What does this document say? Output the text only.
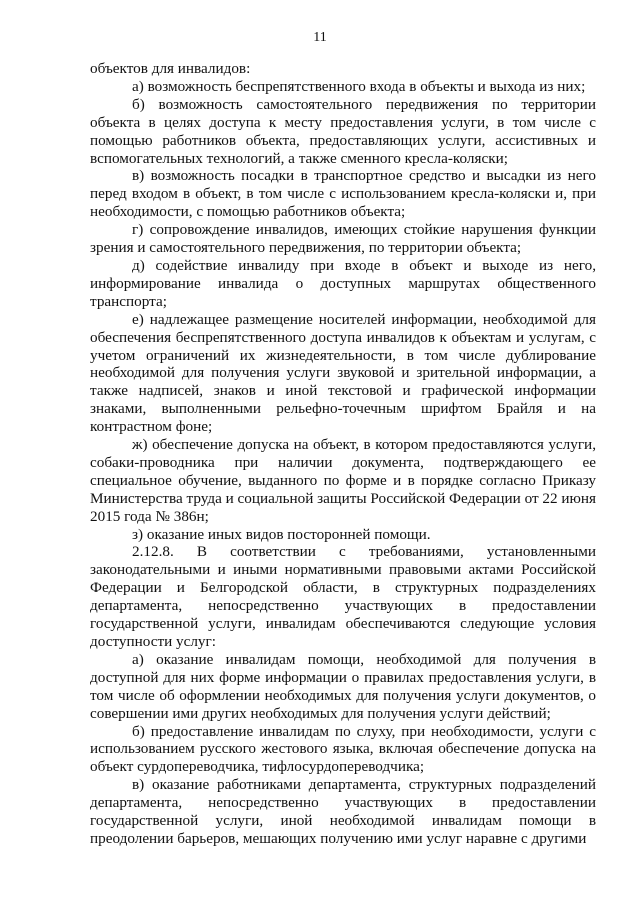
11

объектов для инвалидов:

а) возможность беспрепятственного входа в объекты и выхода из них;

б) возможность самостоятельного передвижения по территории объекта в целях доступа к месту предоставления услуги, в том числе с помощью работников объекта, предоставляющих услуги, ассистивных и вспомогательных технологий, а также сменного кресла-коляски;

в) возможность посадки в транспортное средство и высадки из него перед входом в объект, в том числе с использованием кресла-коляски и, при необходимости, с помощью работников объекта;

г) сопровождение инвалидов, имеющих стойкие нарушения функции зрения и самостоятельного передвижения, по территории объекта;

д) содействие инвалиду при входе в объект и выходе из него, информирование инвалида о доступных маршрутах общественного транспорта;

е) надлежащее размещение носителей информации, необходимой для обеспечения беспрепятственного доступа инвалидов к объектам и услугам, с учетом ограничений их жизнедеятельности, в том числе дублирование необходимой для получения услуги звуковой и зрительной информации, а также надписей, знаков и иной текстовой и графической информации знаками, выполненными рельефно-точечным шрифтом Брайля и на контрастном фоне;

ж) обеспечение допуска на объект, в котором предоставляются услуги, собаки-проводника при наличии документа, подтверждающего ее специальное обучение, выданного по форме и в порядке согласно Приказу Министерства труда и социальной защиты Российской Федерации от 22 июня 2015 года № 386н;

з) оказание иных видов посторонней помощи.

2.12.8. В соответствии с требованиями, установленными законодательными и иными нормативными правовыми актами Российской Федерации и Белгородской области, в структурных подразделениях департамента, непосредственно участвующих в предоставлении государственной услуги, инвалидам обеспечиваются следующие условия доступности услуг:

а) оказание инвалидам помощи, необходимой для получения в доступной для них форме информации о правилах предоставления услуги, в том числе об оформлении необходимых для получения услуги документов, о совершении ими других необходимых для получения услуги действий;

б) предоставление инвалидам по слуху, при необходимости, услуги с использованием русского жестового языка, включая обеспечение допуска на объект сурдопереводчика, тифлосурдопереводчика;

в) оказание работниками департамента, структурных подразделений департамента, непосредственно участвующих в предоставлении государственной услуги, иной необходимой инвалидам помощи в преодолении барьеров, мешающих получению ими услуг наравне с другими
